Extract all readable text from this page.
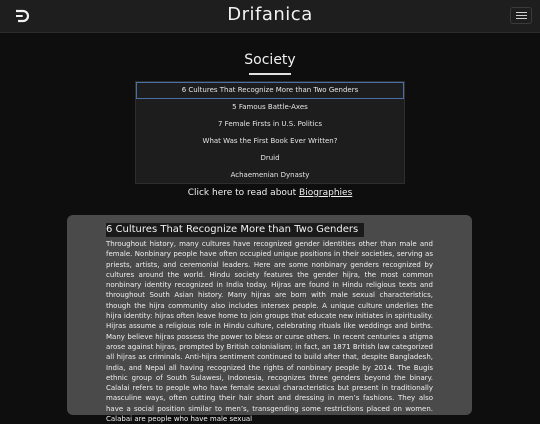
Drifanica
Society
6 Cultures That Recognize More than Two Genders
5 Famous Battle-Axes
7 Female Firsts in U.S. Politics
What Was the First Book Ever Written?
Druid
Achaemenian Dynasty
Click here to read about Biographies
6 Cultures That Recognize More than Two Genders
Throughout history, many cultures have recognized gender identities other than male and female. Nonbinary people have often occupied unique positions in their societies, serving as priests, artists, and ceremonial leaders. Here are some nonbinary genders recognized by cultures around the world. Hindu society features the gender hijra, the most common nonbinary identity recognized in India today. Hijras are found in Hindu religious texts and throughout South Asian history. Many hijras are born with male sexual characteristics, though the hijra community also includes intersex people. A unique culture underlies the hijra identity: hijras often leave home to join groups that educate new initiates in spirituality. Hijras assume a religious role in Hindu culture, celebrating rituals like weddings and births. Many believe hijras possess the power to bless or curse others. In recent centuries a stigma arose against hijras, prompted by British colonialism; in fact, an 1871 British law categorized all hijras as criminals. Anti-hijra sentiment continued to build after that, despite Bangladesh, India, and Nepal all having recognized the rights of nonbinary people by 2014. The Bugis ethnic group of South Sulawesi, Indonesia, recognizes three genders beyond the binary. Calalai refers to people who have female sexual characteristics but present in traditionally masculine ways, often cutting their hair short and dressing in men’s fashions. They also have a social position similar to men’s, transgending some restrictions placed on women. Calabai are people who have male sexual
